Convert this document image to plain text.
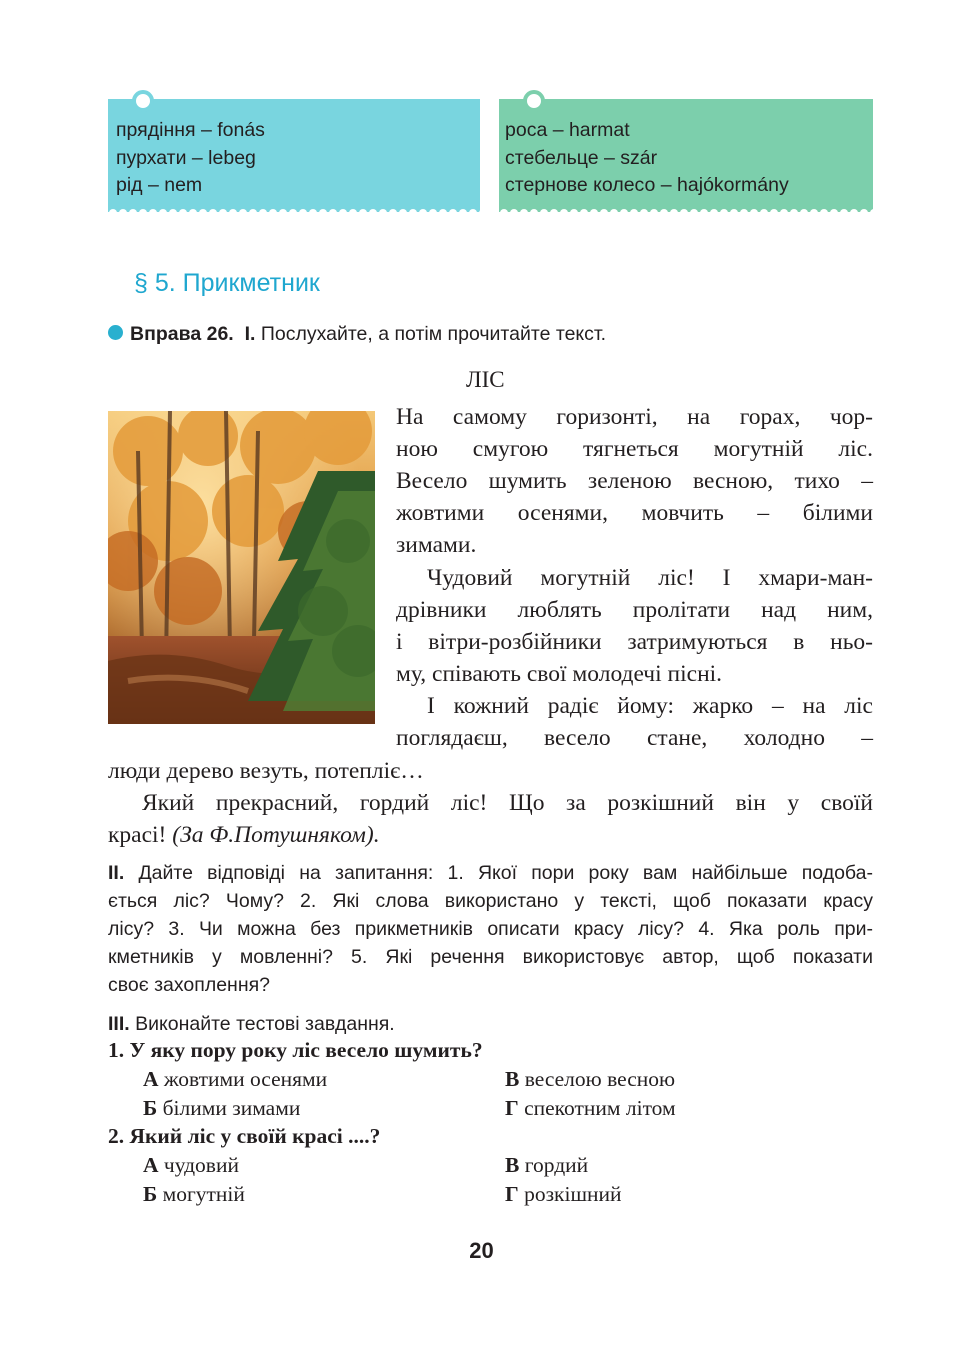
прядіння – fonás
пурхати – lebeg
рід – nem
роса – harmat
стебельце – szár
стернове колесо – hajókormány
§ 5. Прикметник
Вправа 26. І. Послухайте, а потім прочитайте текст.
ЛІС
На самому горизонті, на горах, чор-
ною смугою тягнеться могутній ліс.
Весело шумить зеленою весною, тихо –
жовтими осенями, мовчить – білими
зимами.
Чудовий могутній ліс! І хмари-ман-
дрівники люблять пролітати над ним,
і вітри-розбійники затримуються в ньо-
му, співають свої молодечі пісні.
І кожний радіє йому: жарко – на ліс
поглядаєш, весело стане, холодно –
люди дерево везуть, потепліє…
Який прекрасний, гордий ліс! Що за розкішний він у своїй
красі! (За Ф.Потушняком).
ІІ. Дайте відповіді на запитання: 1. Якої пори року вам найбільше подоба-
ється ліс? Чому? 2. Які слова використано у тексті, щоб показати красу
лісу? 3. Чи можна без прикметників описати красу лісу? 4. Яка роль при-
кметників у мовленні? 5. Які речення використовує автор, щоб показати
своє захоплення?
ІІІ. Виконайте тестові завдання.
1. У яку пору року ліс весело шумить?
А жовтими осенями	В веселою весною
Б білими зимами	Г спекотним літом
2. Який ліс у своїй красі ....?
А чудовий	В гордий
Б могутній	Г розкішний
20
